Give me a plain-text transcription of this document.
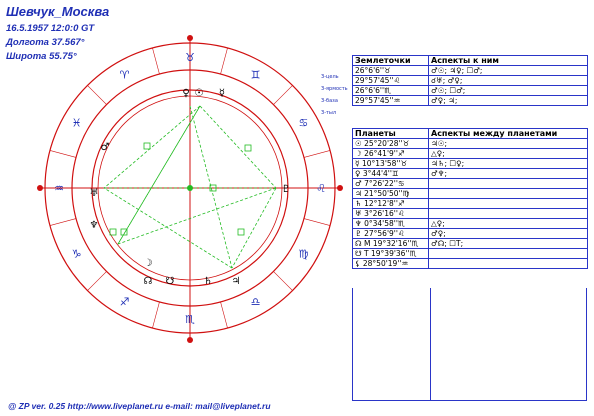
Шевчук_Москва
16.5.1957 12:0:0 GT
Долгота 37.567°
Широта 55.75°	♉
♊
♋
♌
♍
♎
♏
♐
♑
♒
♓
♈
♀ ☉ ☿
♂
☊ ☋	♄ ♃
♇
♅
♆
☽
З-цель
З-ярмость
З-база
З-тыл
Землеточки	Аспекты к ним
26°6'6''♉	♂☉; ♃♀; ☐♂;
29°57'45''♌	☌♅; ♂♀;
26°6'6''♏	♂☉; ☐♂;
29°57'45''♒	♂♀; ♃;
Планеты	Аспекты между планетами
☉ 25°20'28''♉	♃☉;
☽ 26°41'9''♐	△♀;
☿ 10°13'58''♉	♃♄; ☐♀;
♀ 3°44'4''♊	♂♆;
♂ 7°26'22''♋	
♃ 21°50'50''♍	
♄ 12°12'8''♐	
♅ 3°26'16''♌	
♆ 0°34'58''♏	△♀;
♇ 27°56'9''♌	♂♀;
☊ M 19°32'16''♏	♂☊; ☐Т;
☋ T 19°39'36''♏	
⚸ 28°50'19''♒	
@ ZP ver. 0.25 http://www.liveplanet.ru e-mail: mail@liveplanet.ru
